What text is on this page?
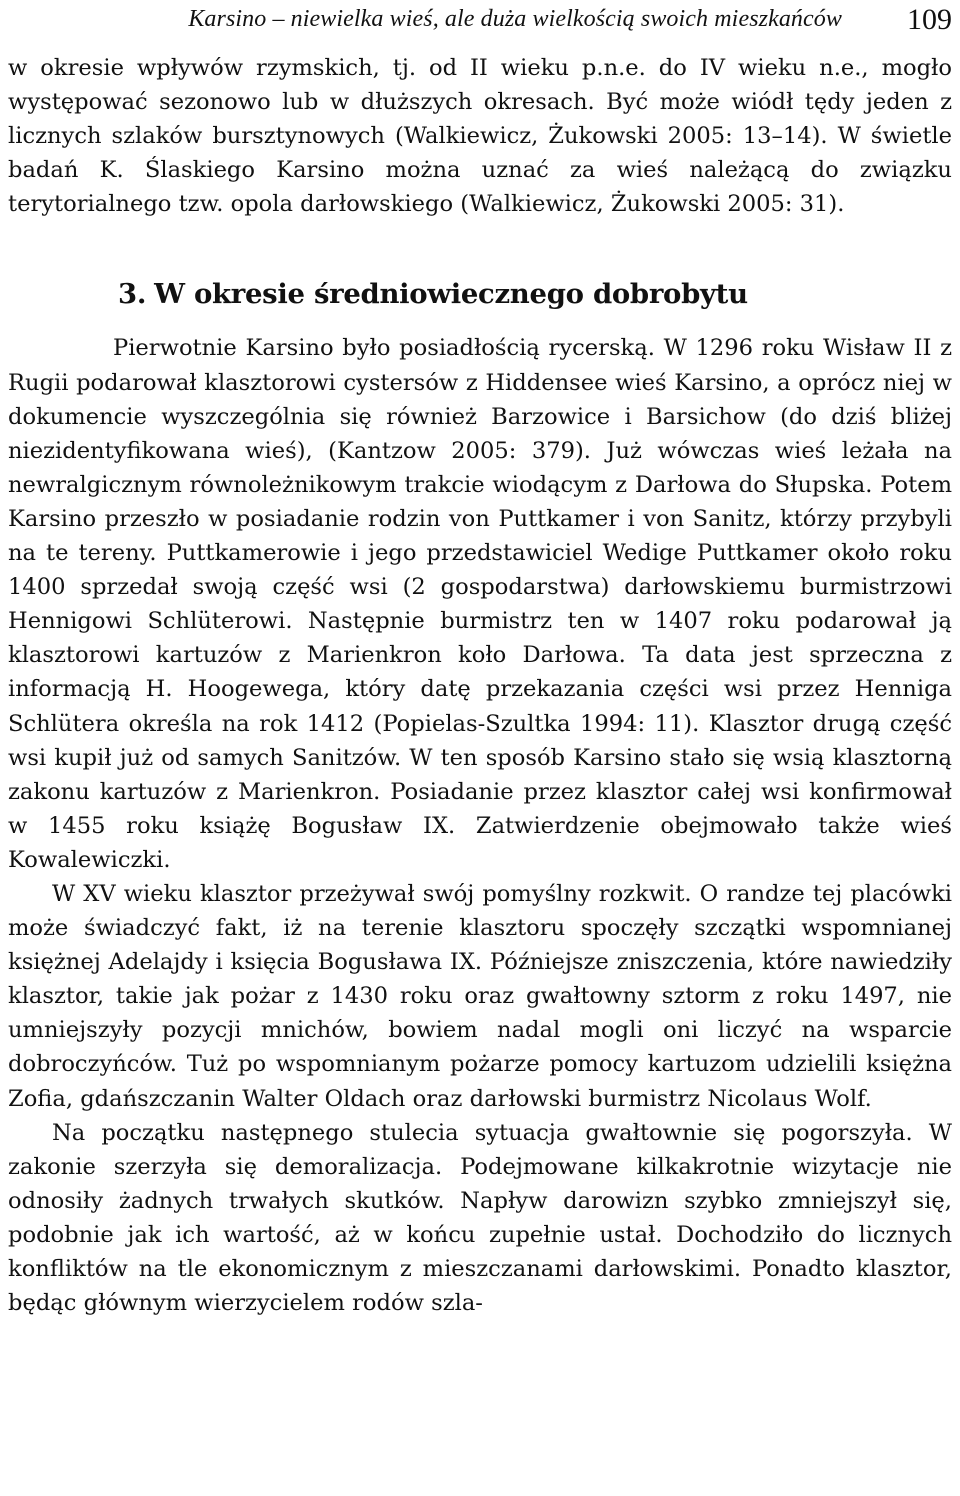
Karsino – niewielka wieś, ale duża wielkością swoich mieszkańców 109

w okresie wpływów rzymskich, tj. od II wieku p.n.e. do IV wieku n.e., mogło występować sezonowo lub w dłuższych okresach. Być może wiódł tędy jeden z licznych szlaków bursztynowych (Walkiewicz, Żukowski 2005: 13–14). W świetle badań K. Ślaskiego Karsino można uznać za wieś należącą do związku terytorialnego tzw. opola darłowskiego (Walkiewicz, Żukowski 2005: 31).

3. W okresie średniowiecznego dobrobytu

Pierwotnie Karsino było posiadłością rycerską. W 1296 roku Wisław II z Rugii podarował klasztorowi cystersów z Hiddensee wieś Karsino, a oprócz niej w dokumencie wyszczególnia się również Barzowice i Barsichow (do dziś bliżej niezidentyfikowana wieś), (Kantzow 2005: 379). Już wówczas wieś leżała na newralgicznym równoleżnikowym trakcie wiodącym z Darłowa do Słupska. Potem Karsino przeszło w posiadanie rodzin von Puttkamer i von Sanitz, którzy przybyli na te tereny. Puttkamerowie i jego przedstawiciel Wedige Puttkamer około roku 1400 sprzedał swoją część wsi (2 gospodarstwa) darłowskiemu burmistrzowi Hennigowi Schlüterowi. Następnie burmistrz ten w 1407 roku podarował ją klasztorowi kartuzów z Marienkron koło Darłowa. Ta data jest sprzeczna z informacją H. Hoogewega, który datę przekazania części wsi przez Henniga Schlütera określa na rok 1412 (Popielas-Szultka 1994: 11). Klasztor drugą część wsi kupił już od samych Sanitzów. W ten sposób Karsino stało się wsią klasztorną zakonu kartuzów z Marienkron. Posiadanie przez klasztor całej wsi konfirmował w 1455 roku książę Bogusław IX. Zatwierdzenie obejmowało także wieś Kowalewiczki.

W XV wieku klasztor przeżywał swój pomyślny rozkwit. O randze tej placówki może świadczyć fakt, iż na terenie klasztoru spoczęły szczątki wspomnianej księżnej Adelajdy i księcia Bogusława IX. Późniejsze zniszczenia, które nawiedziły klasztor, takie jak pożar z 1430 roku oraz gwałtowny sztorm z roku 1497, nie umniejszyły pozycji mnichów, bowiem nadal mogli oni liczyć na wsparcie dobroczyńców. Tuż po wspomnianym pożarze pomocy kartuzom udzielili księżna Zofia, gdańszczanin Walter Oldach oraz darłowski burmistrz Nicolaus Wolf.

Na początku następnego stulecia sytuacja gwałtownie się pogorszyła. W zakonie szerzyła się demoralizacja. Podejmowane kilkakrotnie wizytacje nie odnosiły żadnych trwałych skutków. Napływ darowizn szybko zmniejszył się, podobnie jak ich wartość, aż w końcu zupełnie ustał. Dochodziło do licznych konfliktów na tle ekonomicznym z mieszczanami darłowskimi. Ponadto klasztor, będąc głównym wierzycielem rodów szla-
